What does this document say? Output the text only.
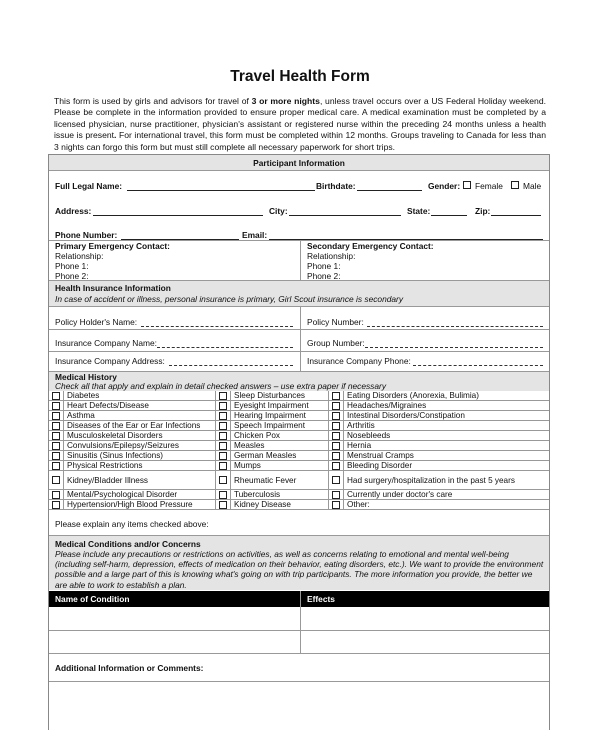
Travel Health Form
This form is used by girls and advisors for travel of 3 or more nights, unless travel occurs over a US Federal Holiday weekend. Please be complete in the information provided to ensure proper medical care. A medical examination must be completed by a licensed physician, nurse practitioner, physician's assistant or registered nurse within the preceding 24 months unless a health issue is present. For international travel, this form must be completed within 12 months. Groups traveling to Canada for less than 3 nights can forgo this form but must still complete all necessary paperwork for short trips.
Participant Information
Full Legal Name:	Birthdate:	Gender: Female Male
Address:	City:	State:	Zip:
Phone Number:	Email:
Primary Emergency Contact:
Relationship:
Phone 1:
Phone 2:
Secondary Emergency Contact:
Relationship:
Phone 1:
Phone 2:
Health Insurance Information
In case of accident or illness, personal insurance is primary, Girl Scout insurance is secondary
Policy Holder's Name:	Policy Number:
Insurance Company Name:	Group Number:
Insurance Company Address:	Insurance Company Phone:
Medical History
Check all that apply and explain in detail checked answers – use extra paper if necessary
	Diabetes		Sleep Disturbances		Eating Disorders (Anorexia, Bulimia)
	Heart Defects/Disease		Eyesight Impairment		Headaches/Migraines
	Asthma		Hearing Impairment		Intestinal Disorders/Constipation
	Diseases of the Ear or Ear Infections		Speech Impairment		Arthritis
	Musculoskeletal Disorders		Chicken Pox		Nosebleeds
	Convulsions/Epilepsy/Seizures		Measles		Hernia
	Sinusitis (Sinus Infections)		German Measles		Menstrual Cramps
	Physical Restrictions		Mumps		Bleeding Disorder
	Kidney/Bladder Illness		Rheumatic Fever		Had surgery/hospitalization in the past 5 years
	Mental/Psychological Disorder		Tuberculosis		Currently under doctor's care
	Hypertension/High Blood Pressure		Kidney Disease		Other:
Please explain any items checked above:
Medical Conditions and/or Concerns
Please include any precautions or restrictions on activities, as well as concerns relating to emotional and mental well-being (including self-harm, depression, effects of medication on their behavior, eating disorders, etc.). We want to provide the environment possible and a large part of this is knowing what's going on with trip participants. The more information you provide, the better we are able to work to establish a plan.
Name of Condition	Effects
Additional Information or Comments:
